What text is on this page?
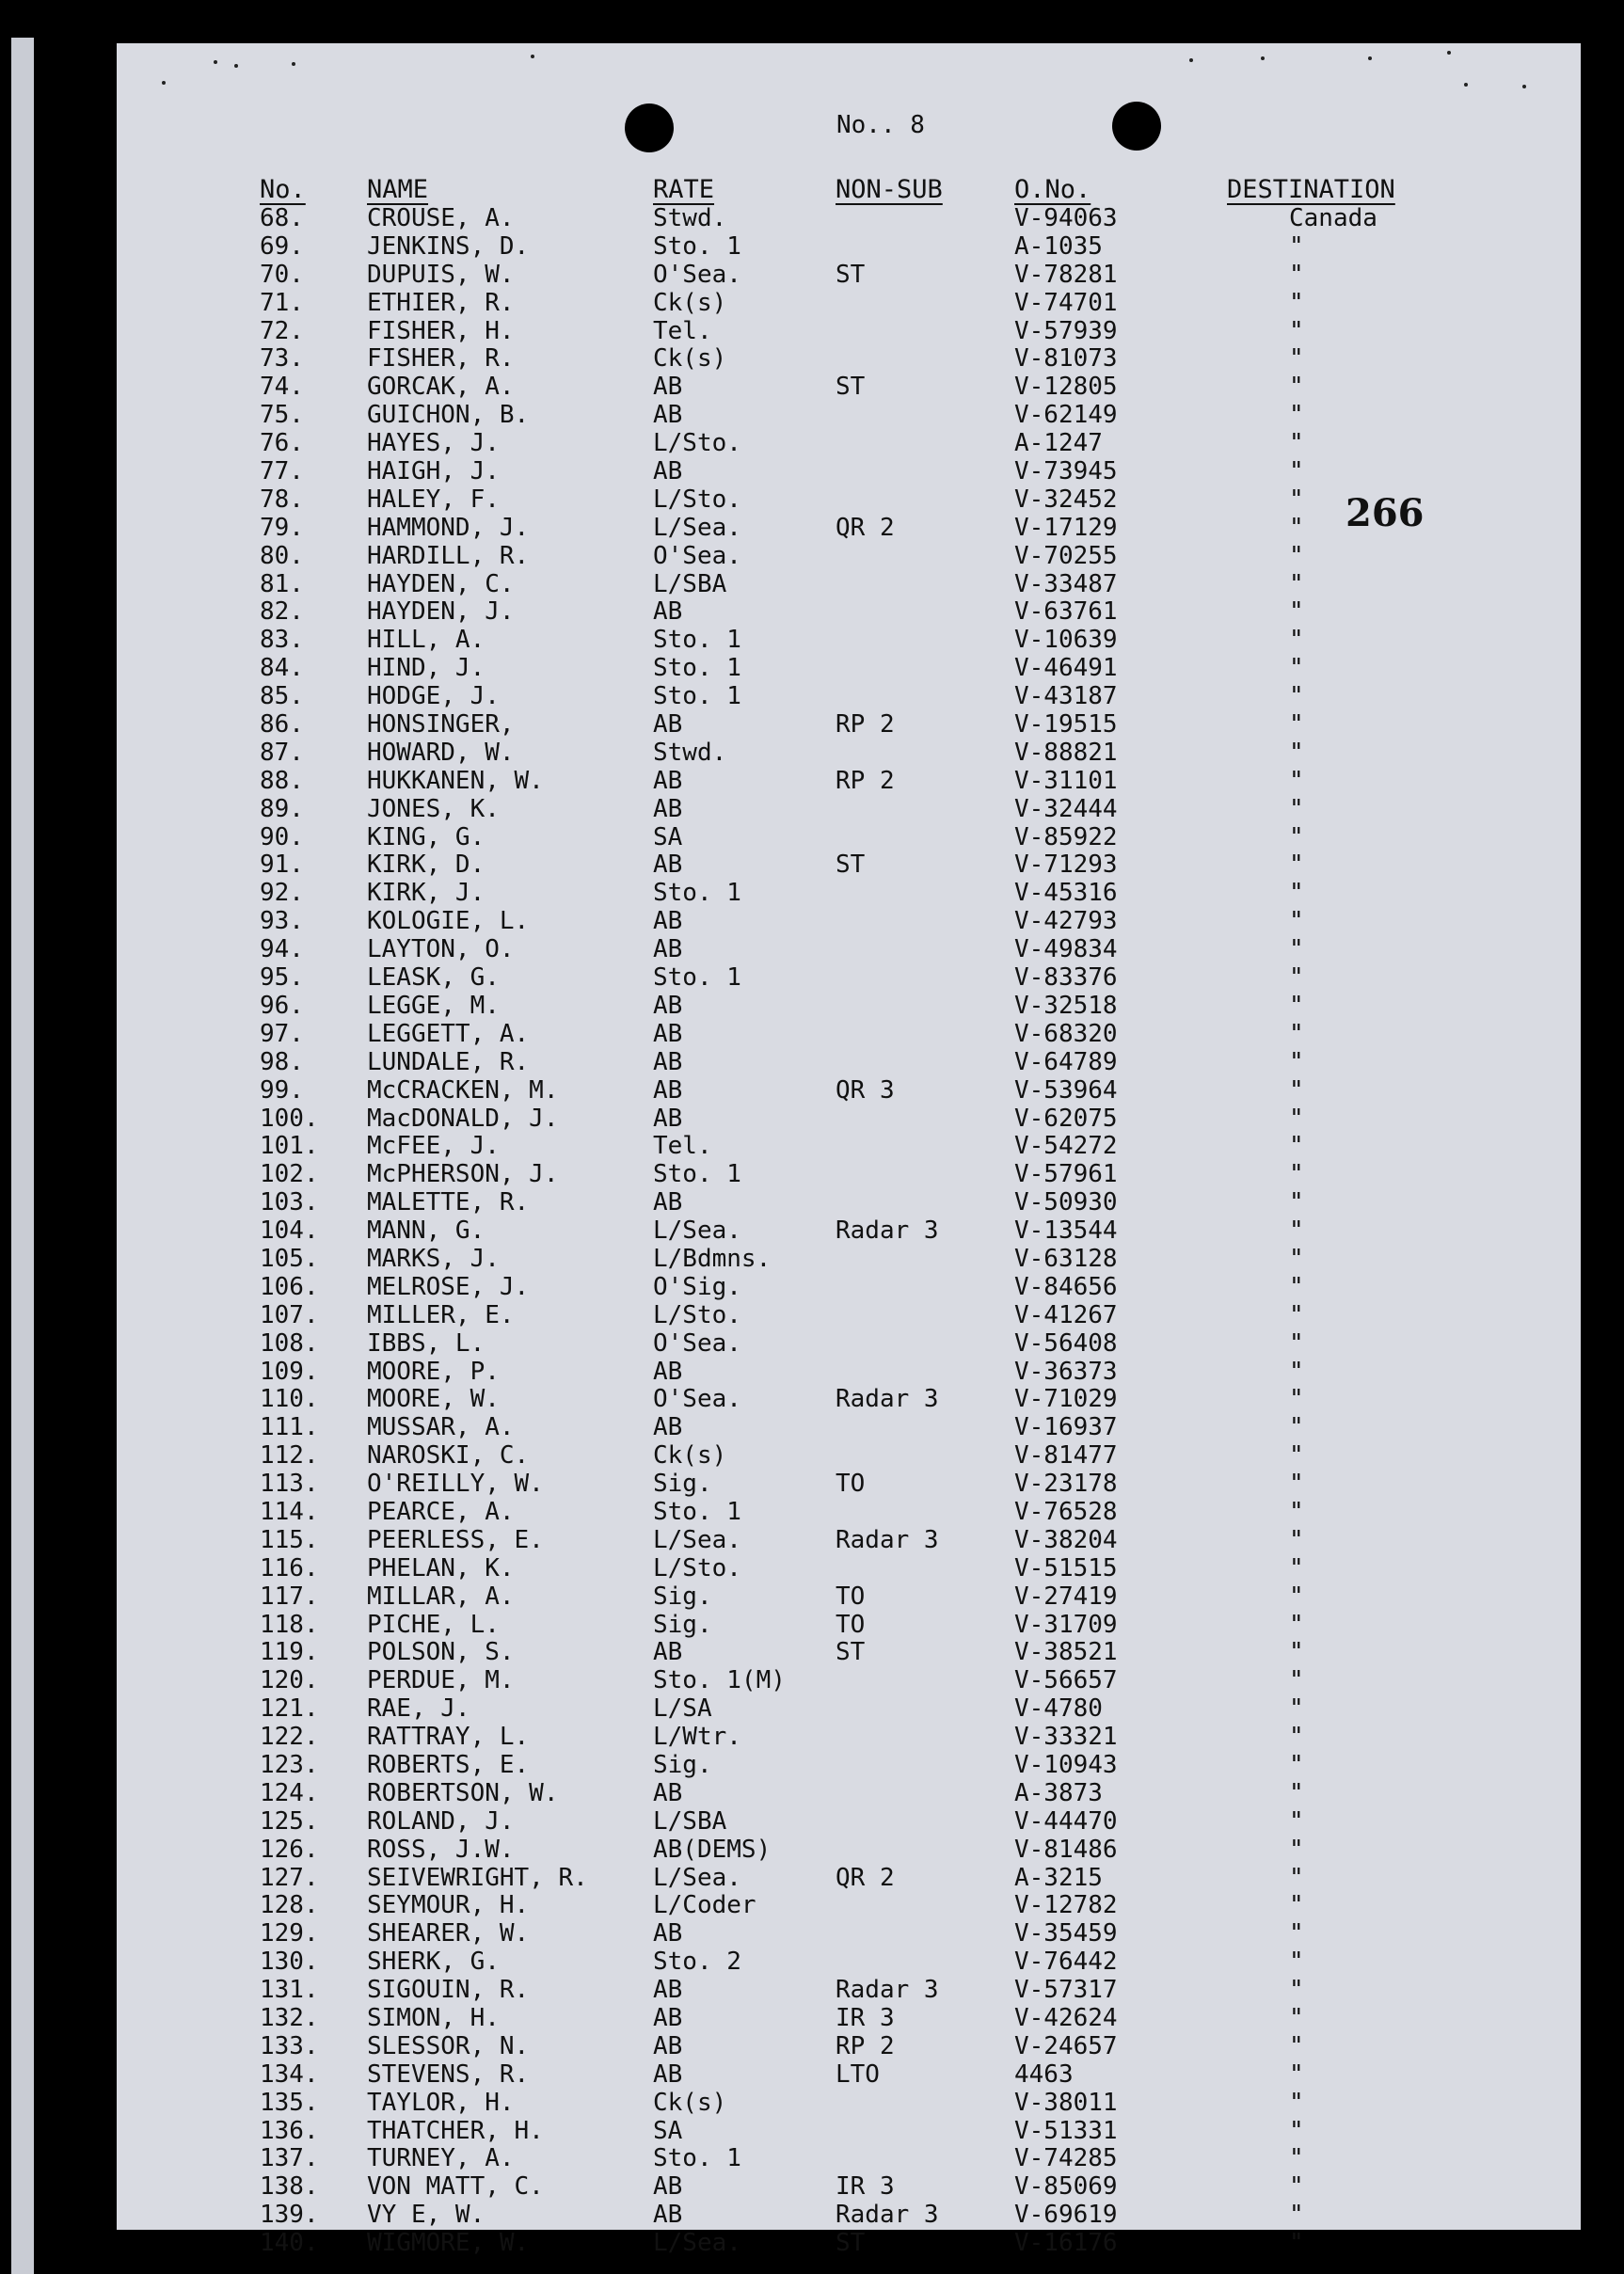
No.. 8
266
No. NAME	RATE	NON-SUB	O.No.	DESTINATION
68.	CROUSE, A.	Stwd.	V-94063	Canada
69.	JENKINS, D.	Sto. 1	A-1035	"
70.	DUPUIS, W.	O'Sea.	ST	V-78281	"
71.	ETHIER, R.	Ck(s)	V-74701	"
72.	FISHER, H.	Tel.	V-57939	"
73.	FISHER, R.	Ck(s)	V-81073	"
74.	GORCAK, A.	AB	ST	V-12805	"
75.	GUICHON, B.	AB	V-62149	"
76.	HAYES, J.	L/Sto.	A-1247	"
77.	HAIGH, J.	AB	V-73945	"
78.	HALEY, F.	L/Sto.	V-32452	"
79.	HAMMOND, J.	L/Sea.	QR 2	V-17129	"
80.	HARDILL, R.	O'Sea.	V-70255	"
81.	HAYDEN, C.	L/SBA	V-33487	"
82.	HAYDEN, J.	AB	V-63761	"
83.	HILL, A.	Sto. 1	V-10639	"
84.	HIND, J.	Sto. 1	V-46491	"
85.	HODGE, J.	Sto. 1	V-43187	"
86.	HONSINGER,	AB	RP 2	V-19515	"
87.	HOWARD, W.	Stwd.	V-88821	"
88.	HUKKANEN, W.	AB	RP 2	V-31101	"
89.	JONES, K.	AB	V-32444	"
90.	KING, G.	SA	V-85922	"
91.	KIRK, D.	AB	ST	V-71293	"
92.	KIRK, J.	Sto. 1	V-45316	"
93.	KOLOGIE, L.	AB	V-42793	"
94.	LAYTON, O.	AB	V-49834	"
95.	LEASK, G.	Sto. 1	V-83376	"
96.	LEGGE, M.	AB	V-32518	"
97.	LEGGETT, A.	AB	V-68320	"
98.	LUNDALE, R.	AB	V-64789	"
99.	McCRACKEN, M.	AB	QR 3	V-53964	"
100. MacDONALD, J.	AB	V-62075	"
101. McFEE, J.	Tel.	V-54272	"
102. McPHERSON, J.	Sto. 1	V-57961	"
103. MALETTE, R.	AB	V-50930	"
104. MANN, G.	L/Sea.	Radar 3	V-13544	"
105. MARKS, J.	L/Bdmns.	V-63128	"
106. MELROSE, J.	O'Sig.	V-84656	"
107. MILLER, E.	L/Sto.	V-41267	"
108. IBBS, L.	O'Sea.	V-56408	"
109. MOORE, P.	AB	V-36373	"
110. MOORE, W.	O'Sea.	Radar 3	V-71029	"
111. MUSSAR, A.	AB	V-16937	"
112. NAROSKI, C.	Ck(s)	V-81477	"
113. O'REILLY, W.	Sig.	TO	V-23178	"
114. PEARCE, A.	Sto. 1	V-76528	"
115. PEERLESS, E.	L/Sea.	Radar 3	V-38204	"
116. PHELAN, K.	L/Sto.	V-51515	"
117. MILLAR, A.	Sig.	TO	V-27419	"
118. PICHE, L.	Sig.	TO	V-31709	"
119. POLSON, S.	AB	ST	V-38521	"
120. PERDUE, M.	Sto. 1(M)	V-56657	"
121. RAE, J.	L/SA	V-4780	"
122. RATTRAY, L.	L/Wtr.	V-33321	"
123. ROBERTS, E.	Sig.	V-10943	"
124. ROBERTSON, W.	AB	A-3873	"
125. ROLAND, J.	L/SBA	V-44470	"
126. ROSS, J.W.	AB(DEMS)	V-81486	"
127. SEIVEWRIGHT, R.	L/Sea.	QR 2	A-3215	"
128. SEYMOUR, H.	L/Coder	V-12782	"
129. SHEARER, W.	AB	V-35459	"
130. SHERK, G.	Sto. 2	V-76442	"
131. SIGOUIN, R.	AB	Radar 3	V-57317	"
132. SIMON, H.	AB	IR 3	V-42624	"
133. SLESSOR, N.	AB	RP 2	V-24657	"
134. STEVENS, R.	AB	LTO	4463	"
135. TAYLOR, H.	Ck(s)	V-38011	"
136. THATCHER, H.	SA	V-51331	"
137. TURNEY, A.	Sto. 1	V-74285	"
138. VON MATT, C.	AB	IR 3	V-85069	"
139. VY E, W.	AB	Radar 3	V-69619	"
140. WIGMORE, W.	L/Sea.	ST	V-16176	"
